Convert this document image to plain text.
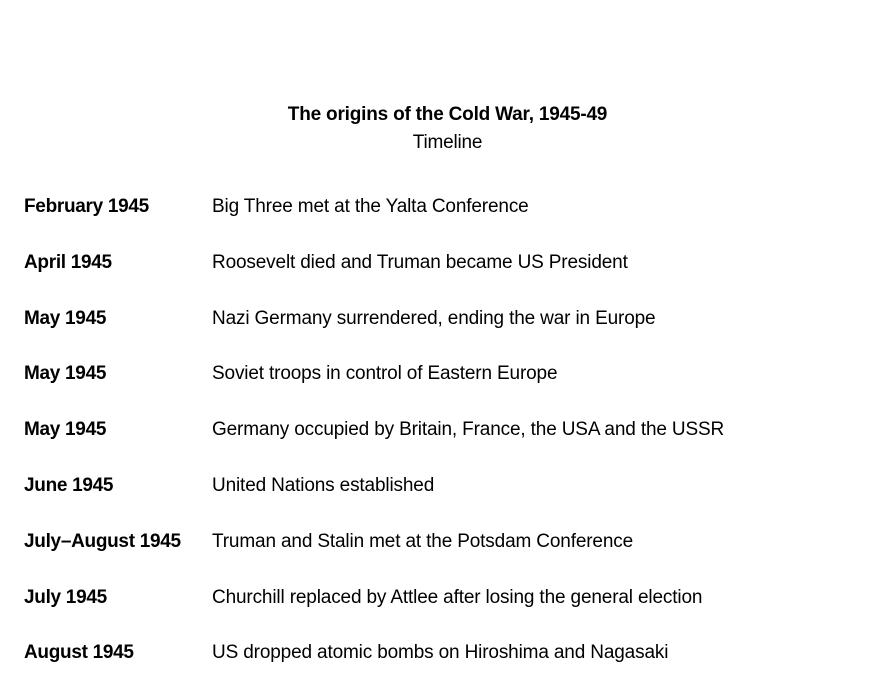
The origins of the Cold War, 1945-49
Timeline
February 1945	Big Three met at the Yalta Conference
April 1945	Roosevelt died and Truman became US President
May 1945	Nazi Germany surrendered, ending the war in Europe
May 1945	Soviet troops in control of Eastern Europe
May 1945	Germany occupied by Britain, France, the USA and the USSR
June 1945	United Nations established
July–August 1945	Truman and Stalin met at the Potsdam Conference
July 1945	Churchill replaced by Attlee after losing the general election
August 1945	US dropped atomic bombs on Hiroshima and Nagasaki
